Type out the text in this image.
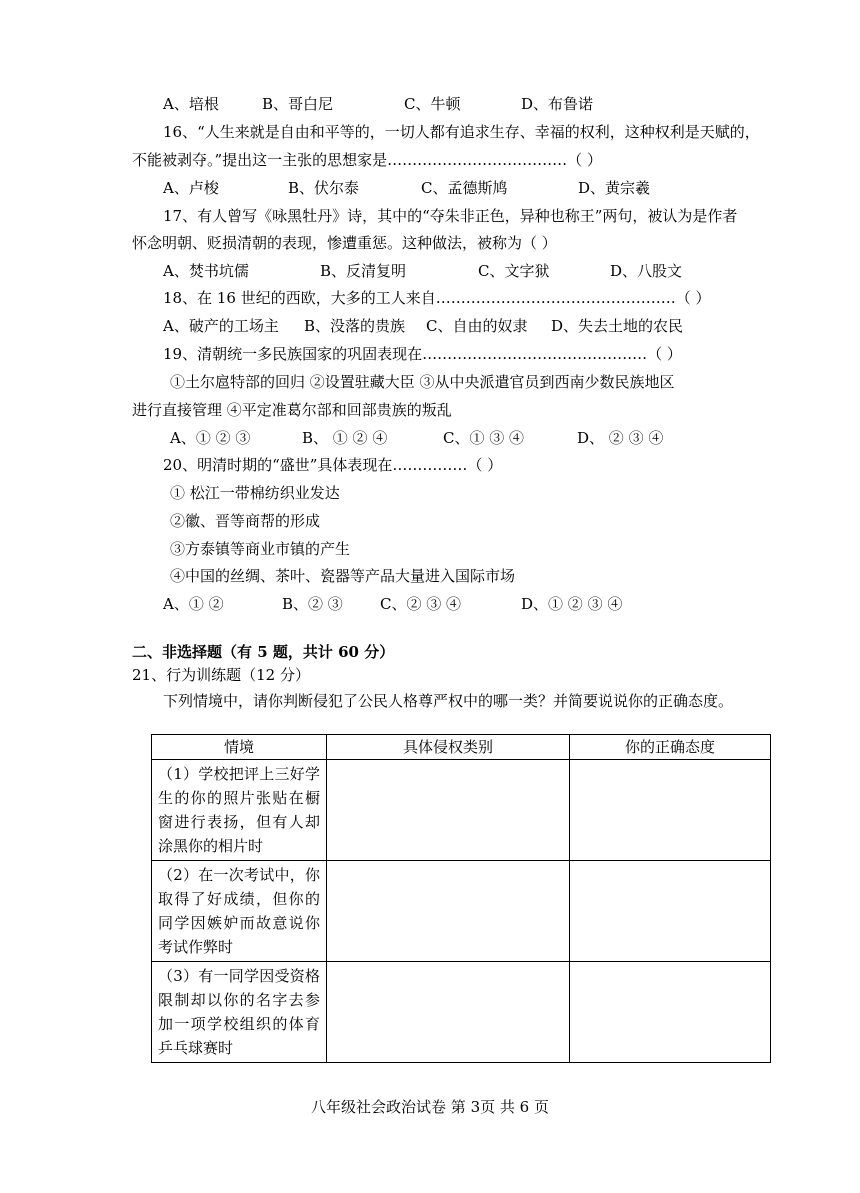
A、培根	B、哥白尼	C、牛顿	D、布鲁诺
16、“人生来就是自由和平等的，一切人都有追求生存、幸福的权利，这种权利是天赋的，
不能被剥夺。”提出这一主张的思想家是………………………………（ ）
A、卢梭	B、伏尔泰	C、孟德斯鸠	D、黄宗羲
17、有人曾写《咏黑牡丹》诗，其中的“夺朱非正色，异种也称王”两句，被认为是作者
怀念明朝、贬损清朝的表现，惨遭重惩。这种做法，被称为（ ）
A、焚书坑儒	B、反清复明	C、文字狱	D、八股文
18、在 16 世纪的西欧，大多的工人来自…………………………………………（ ）
A、破产的工场主 B、没落的贵族 C、自由的奴隶 D、失去土地的农民
19、清朝统一多民族国家的巩固表现在………………………………………（ ）
①土尔扈特部的回归 ②设置驻藏大臣 ③从中央派遣官员到西南少数民族地区
进行直接管理 ④平定准葛尔部和回部贵族的叛乱
A、① ② ③	B、 ① ② ④	C、① ③ ④	D、 ② ③ ④
20、明清时期的“盛世”具体表现在……………（ ）
① 松江一带棉纺织业发达
②徽、晋等商帮的形成
③方泰镇等商业市镇的产生
④中国的丝绸、茶叶、瓷器等产品大量进入国际市场
A、① ②	B、② ③ C、② ③ ④	D、① ② ③ ④
二、非选择题（有 5 题，共计 60 分）
21、行为训练题（12 分）
下列情境中，请你判断侵犯了公民人格尊严权中的哪一类？并简要说说你的正确态度。
情境	具体侵权类别	你的正确态度

（1）学校把评上三好学生的你的照片张贴在橱窗进行表扬，但有人却涂黑你的相片时		

（2）在一次考试中，你取得了好成绩，但你的同学因嫉妒而故意说你考试作弊时		

（3）有一同学因受资格限制却以你的名字去参加一项学校组织的体育乒乓球赛时		

八年级社会政治试卷 第 3页 共 6 页
